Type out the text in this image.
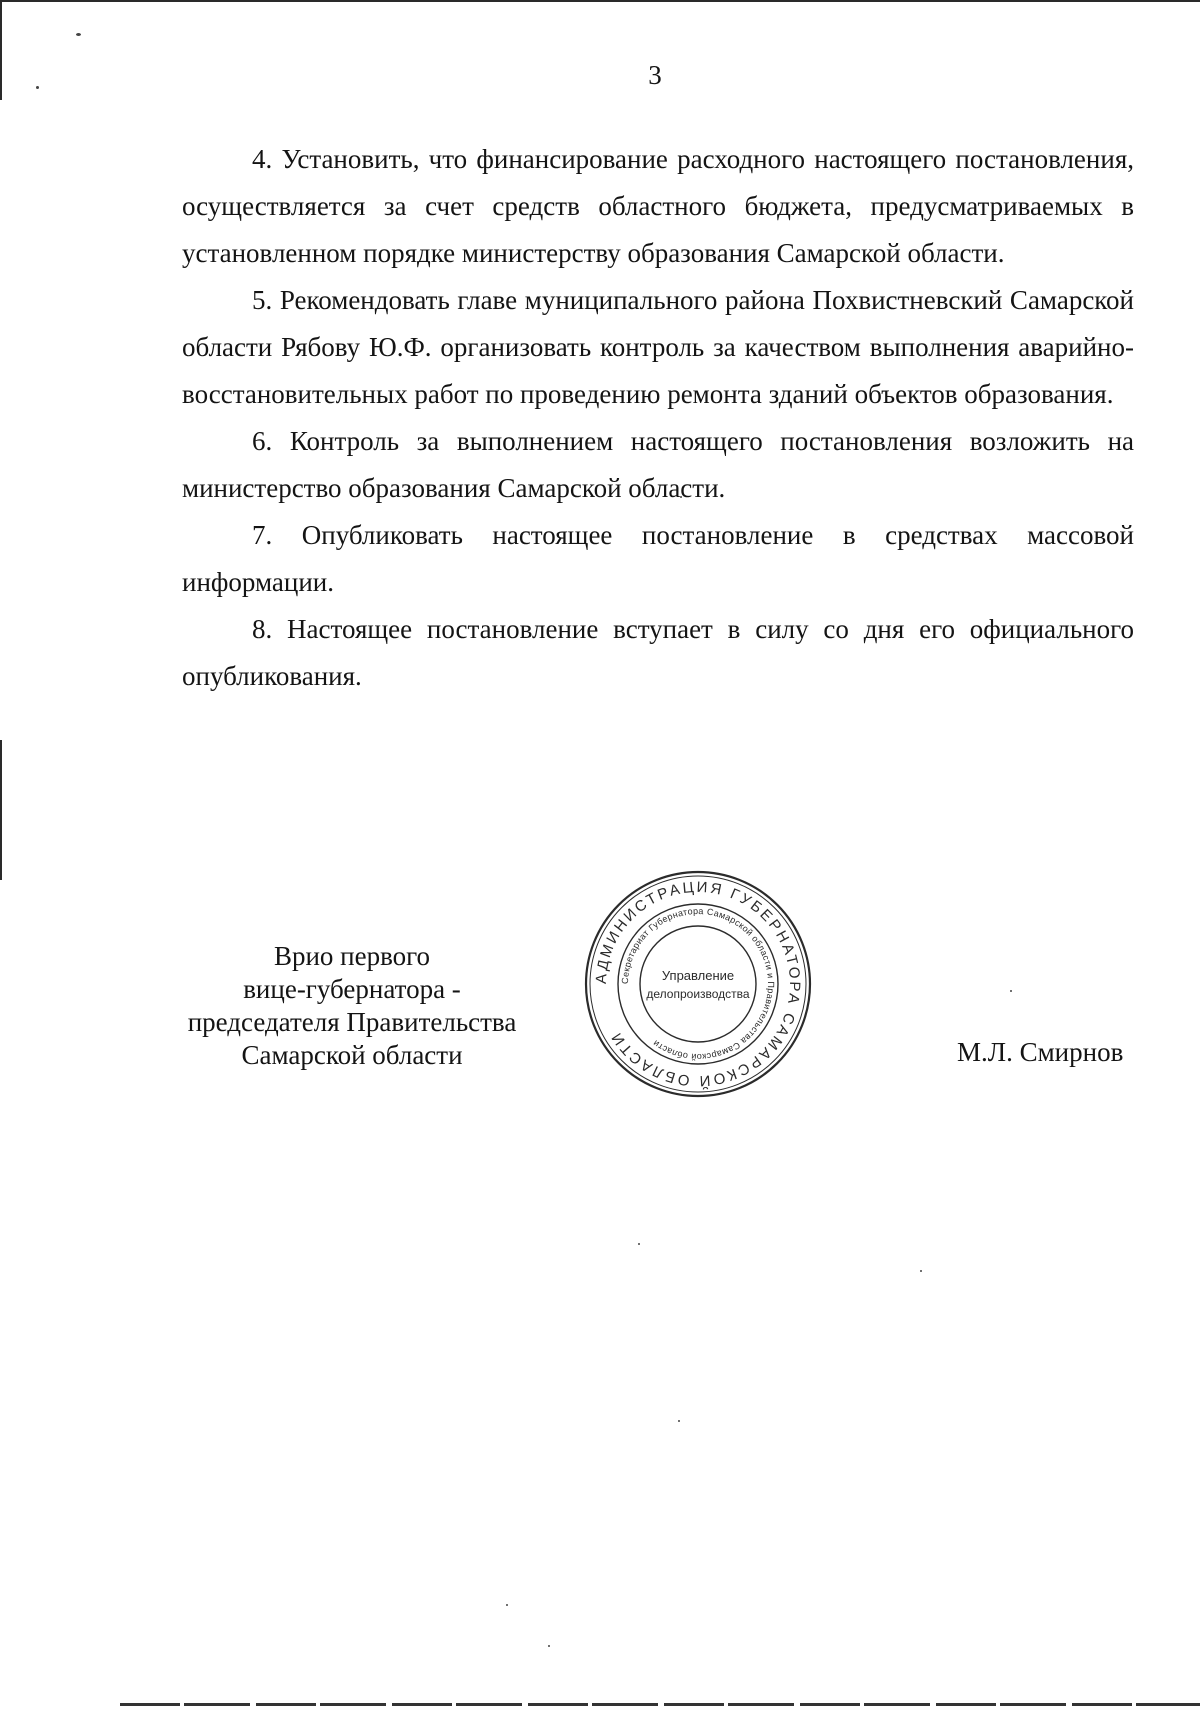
3

4. Установить, что финансирование расходного настоящего постановления, осуществляется за счет средств областного бюджета, предусматриваемых в установленном порядке министерству образования Самарской области.

5. Рекомендовать главе муниципального района Похвистневский Самарской области Рябову Ю.Ф. организовать контроль за качеством выполнения аварийно-восстановительных работ по проведению ремонта зданий объектов образования.

6. Контроль за выполнением настоящего постановления возложить на министерство образования Самарской области.

7. Опубликовать настоящее постановление в средствах массовой информации.

8. Настоящее постановление вступает в силу со дня его официального опубликования.

Врио первого
вице-губернатора -
председателя Правительства
Самарской области
АДМИНИСТРАЦИЯ ГУБЕРНАТОРА САМАРСКОЙ ОБЛАСТИ
Секретариат Губернатора Самарской области и Правительства Самарской области
Управление
делопроизводства
М.Л. Смирнов
